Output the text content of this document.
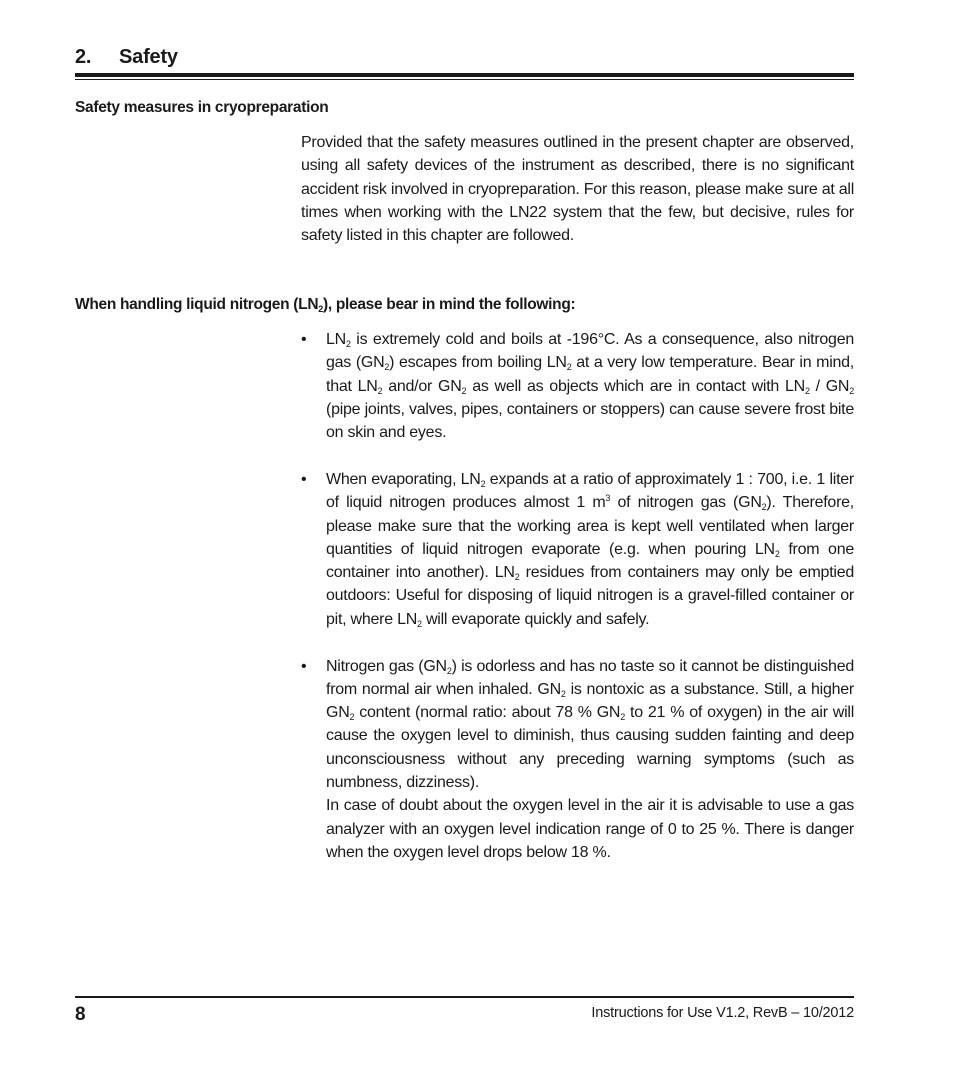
2. Safety
Safety measures in cryopreparation

Provided that the safety measures outlined in the present chapter are observed, using all safety devices of the instrument as described, there is no significant accident risk involved in cryopreparation. For this reason, please make sure at all times when working with the LN22 system that the few, but decisive, rules for safety listed in this chapter are followed.

When handling liquid nitrogen $(LN_2)$, please bear in mind the following:
• $LN_2$ is extremely cold and boils at -196°C. As a consequence, also nitrogen gas $(GN_2)$ escapes from boiling $LN_2$ at a very low temperature. Bear in mind, that $LN_2$ and/or $GN_2$ as well as objects which are in contact with $LN_2 / GN_2$ (pipe joints, valves, pipes, containers or stoppers) can cause severe frost bite on skin and eyes.

• When evaporating, $LN_2$ expands at a ratio of approximately 1 : 700, i.e. 1 liter of liquid nitrogen produces almost 1 $m^3$ of nitrogen gas $(GN_2)$. Therefore, please make sure that the working area is kept well ventilated when larger quantities of liquid nitrogen evaporate (e.g. when pouring $LN_2$ from one container into another). $LN_2$ residues from containers may only be emptied outdoors: Useful for disposing of liquid nitrogen is a gravel-filled container or pit, where $LN_2$ will evaporate quickly and safely.

• Nitrogen gas $(GN_2)$ is odorless and has no taste so it cannot be distinguished from normal air when inhaled. $GN_2$ is nontoxic as a substance. Still, a higher $GN_2$ content (normal ratio: about 78 % $GN_2$ to 21 % of oxygen) in the air will cause the oxygen level to diminish, thus causing sudden fainting and deep unconsciousness without any preceding warning symptoms (such as numbness, dizziness).

In case of doubt about the oxygen level in the air it is advisable to use a gas analyzer with an oxygen level indication range of 0 to 25 %. There is danger when the oxygen level drops below 18 %.

8	Instructions for Use V1.2, RevB – 10/2012
